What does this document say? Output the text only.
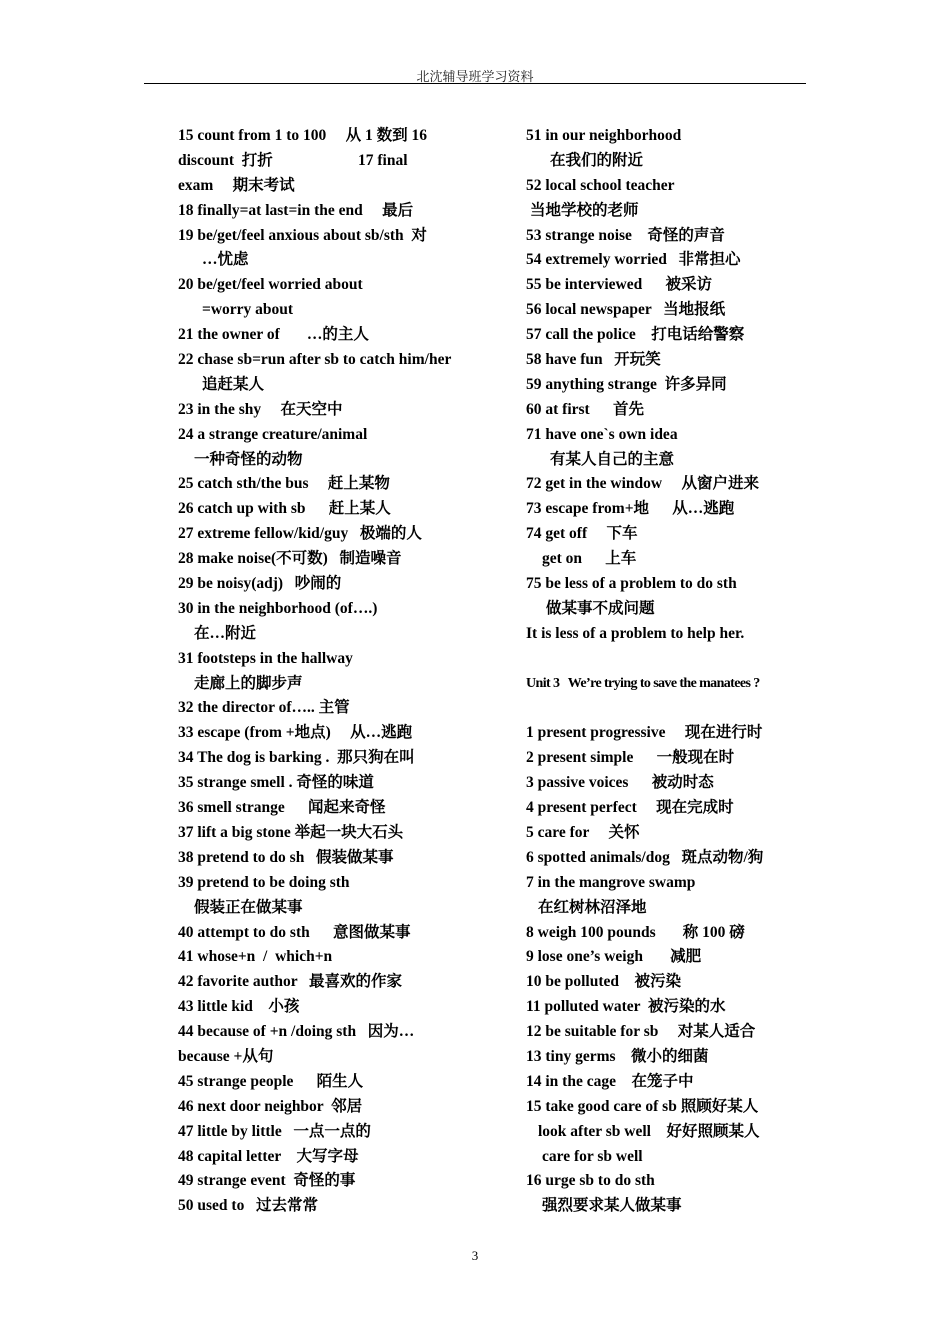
北沈辅导班学习资料
15 count from 1 to 100     从 1 数到 16
discount  打折                      17 final
exam     期末考试
18 finally=at last=in the end     最后
19 be/get/feel anxious about sb/sth  对
…忧虑
20 be/get/feel worried about
=worry about
21 the owner of       …的主人
22 chase sb=run after sb to catch him/her
追赶某人
23 in the shy     在天空中
24 a strange creature/animal
一种奇怪的动物
25 catch sth/the bus     赶上某物
26 catch up with sb      赶上某人
27 extreme fellow/kid/guy   极端的人
28 make noise(不可数)   制造噪音
29 be noisy(adj)   吵闹的
30 in the neighborhood (of….)
在…附近
31 footsteps in the hallway
走廊上的脚步声
32 the director of….. 主管
33 escape (from +地点)     从…逃跑
34 The dog is barking .  那只狗在叫
35 strange smell . 奇怪的味道
36 smell strange      闻起来奇怪
37 lift a big stone 举起一块大石头
38 pretend to do sh   假装做某事
39 pretend to be doing sth
假装正在做某事
40 attempt to do sth      意图做某事
41 whose+n  /  which+n
42 favorite author   最喜欢的作家
43 little kid    小孩
44 because of +n /doing sth   因为…
because +从句
45 strange people      陌生人
46 next door neighbor  邻居
47 little by little   一点一点的
48 capital letter    大写字母
49 strange event  奇怪的事
50 used to   过去常常
51 in our neighborhood
在我们的附近
52 local school teacher
当地学校的老师
53 strange noise    奇怪的声音
54 extremely worried   非常担心
55 be interviewed      被采访
56 local newspaper   当地报纸
57 call the police    打电话给警察
58 have fun   开玩笑
59 anything strange  许多异同
60 at first      首先
71 have one`s own idea
有某人自己的主意
72 get in the window     从窗户进来
73 escape from+地      从…逃跑
74 get off     下车
get on      上车
75 be less of a problem to do sth
做某事不成问题
It is less of a problem to help her.
Unit 3   We’re trying to save the manatees ?
1 present progressive     现在进行时
2 present simple      一般现在时
3 passive voices      被动时态
4 present perfect     现在完成时
5 care for     关怀
6 spotted animals/dog   斑点动物/狗
7 in the mangrove swamp
在红树林沼泽地
8 weigh 100 pounds       称 100 磅
9 lose one’s weigh       减肥
10 be polluted    被污染
11 polluted water  被污染的水
12 be suitable for sb     对某人适合
13 tiny germs    微小的细菌
14 in the cage    在笼子中
15 take good care of sb 照顾好某人
look after sb well    好好照顾某人
care for sb well
16 urge sb to do sth
强烈要求某人做某事
3
